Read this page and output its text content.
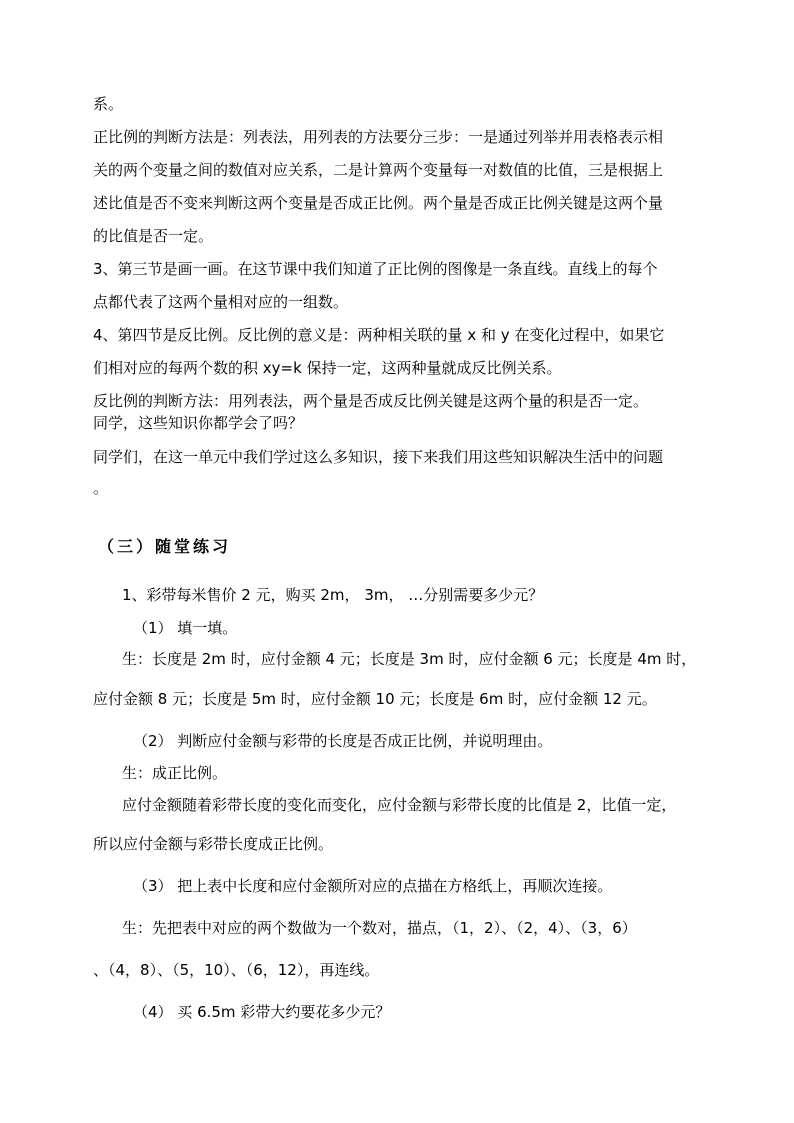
系。
正比例的判断方法是：列表法，用列表的方法要分三步：一是通过列举并用表格表示相
关的两个变量之间的数值对应关系，二是计算两个变量每一对数值的比值，三是根据上
述比值是否不变来判断这两个变量是否成正比例。两个量是否成正比例关键是这两个量
的比值是否一定。
3、第三节是画一画。在这节课中我们知道了正比例的图像是一条直线。直线上的每个
点都代表了这两个量相对应的一组数。
4、第四节是反比例。反比例的意义是：两种相关联的量 x 和 y 在变化过程中，如果它
们相对应的每两个数的积 xy=k 保持一定，这两种量就成反比例关系。
反比例的判断方法：用列表法，两个量是否成反比例关键是这两个量的积是否一定。
同学，这些知识你都学会了吗？
同学们，在这一单元中我们学过这么多知识，接下来我们用这些知识解决生活中的问题
。
（三）随堂练习
1、彩带每米售价 2 元，购买 2m， 3m， …分别需要多少元？
（1） 填一填。
生：长度是 2m 时，应付金额 4 元；长度是 3m 时，应付金额 6 元；长度是 4m 时，
应付金额 8 元；长度是 5m 时，应付金额 10 元；长度是 6m 时，应付金额 12 元。
（2） 判断应付金额与彩带的长度是否成正比例，并说明理由。
生：成正比例。
应付金额随着彩带长度的变化而变化，应付金额与彩带长度的比值是 2，比值一定，
所以应付金额与彩带长度成正比例。
（3） 把上表中长度和应付金额所对应的点描在方格纸上，再顺次连接。
生：先把表中对应的两个数做为一个数对，描点，（1，2）、（2，4）、（3，6）
、（4，8）、（5，10）、（6，12），再连线。
（4） 买 6.5m 彩带大约要花多少元？
